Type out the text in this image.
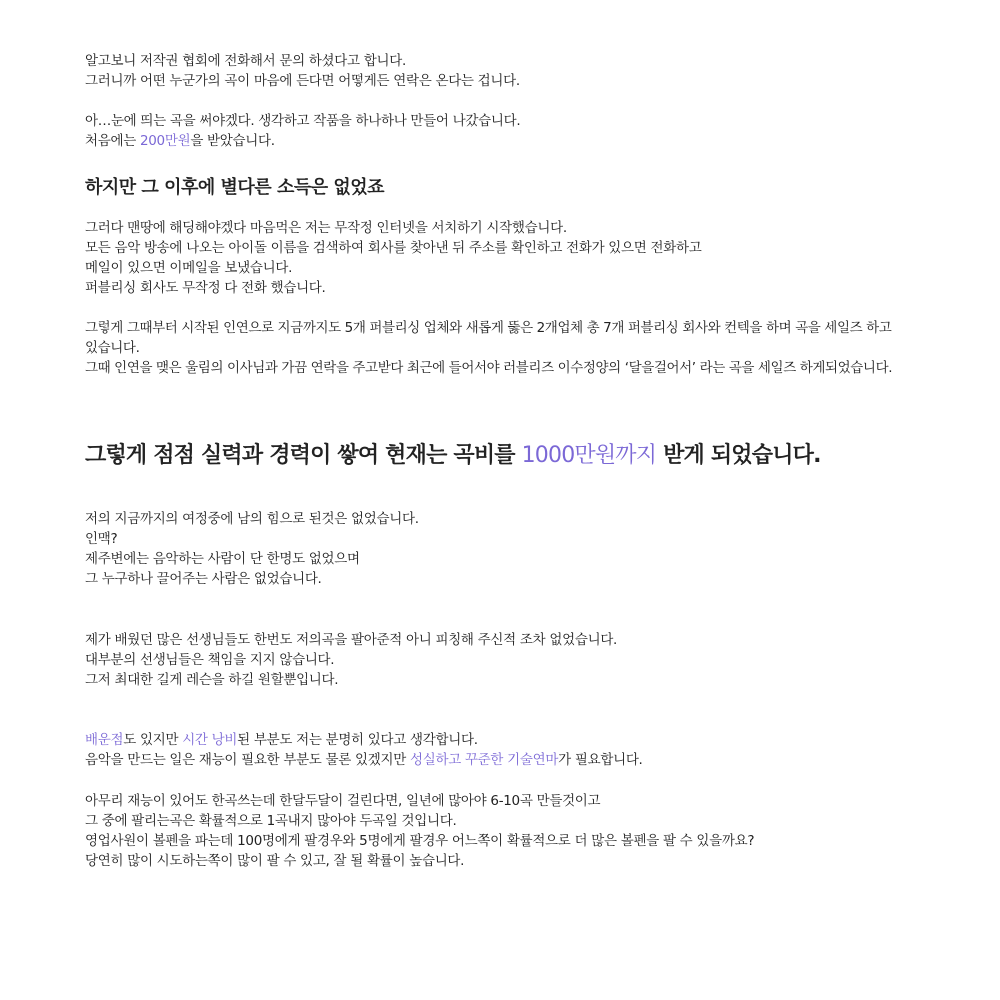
알고보니 저작권 협회에 전화해서 문의 하셨다고 합니다.
그러니까 어떤 누군가의 곡이 마음에 든다면 어떻게든 연락은 온다는 겁니다.
아…눈에 띄는 곡을 써야겠다. 생각하고 작품을 하나하나 만들어 나갔습니다.
처음에는 200만원을 받았습니다.
하지만 그 이후에 별다른 소득은 없었죠
그러다 맨땅에 해딩해야겠다 마음먹은 저는 무작정 인터넷을 서치하기 시작했습니다.
모든 음악 방송에 나오는 아이돌 이름을 검색하여 회사를 찾아낸 뒤 주소를 확인하고 전화가 있으면 전화하고
메일이 있으면 이메일을 보냈습니다.
퍼블리싱 회사도 무작정 다 전화 했습니다.
그렇게 그때부터 시작된 인연으로 지금까지도 5개 퍼블리싱 업체와 새롭게 뚫은 2개업체 총 7개 퍼블리싱 회사와 컨텍을 하며 곡을 세일즈 하고 있습니다.
그때 인연을 맺은 울림의 이사님과 가끔 연락을 주고받다 최근에 들어서야 러블리즈 이수정양의 ‘달을걸어서’ 라는 곡을 세일즈 하게되었습니다.
그렇게 점점 실력과 경력이 쌓여 현재는 곡비를 1000만원까지 받게 되었습니다.
저의 지금까지의 여정중에 남의 힘으로 된것은 없었습니다.
인맥?
제주변에는 음악하는 사람이 단 한명도 없었으며
그 누구하나 끌어주는 사람은 없었습니다.
제가 배웠던 많은 선생님들도 한번도 저의곡을 팔아준적 아니 피칭해 주신적 조차 없었습니다.
대부분의 선생님들은 책임을 지지 않습니다.
그저 최대한 길게 레슨을 하길 원할뿐입니다.
배운점도 있지만 시간 낭비된 부분도 저는 분명히 있다고 생각합니다.
음악을 만드는 일은 재능이 필요한 부분도 물론 있겠지만 성실하고 꾸준한 기술연마가 필요합니다.
아무리 재능이 있어도 한곡쓰는데 한달두달이 걸린다면, 일년에 많아야 6-10곡 만들것이고
그 중에 팔리는곡은 확률적으로 1곡내지 많아야 두곡일 것입니다.
영업사원이 볼펜을 파는데 100명에게 팔경우와 5명에게 팔경우 어느쪽이 확률적으로 더 많은 볼펜을 팔 수 있을까요?
당연히 많이 시도하는쪽이 많이 팔 수 있고, 잘 될 확률이 높습니다.
